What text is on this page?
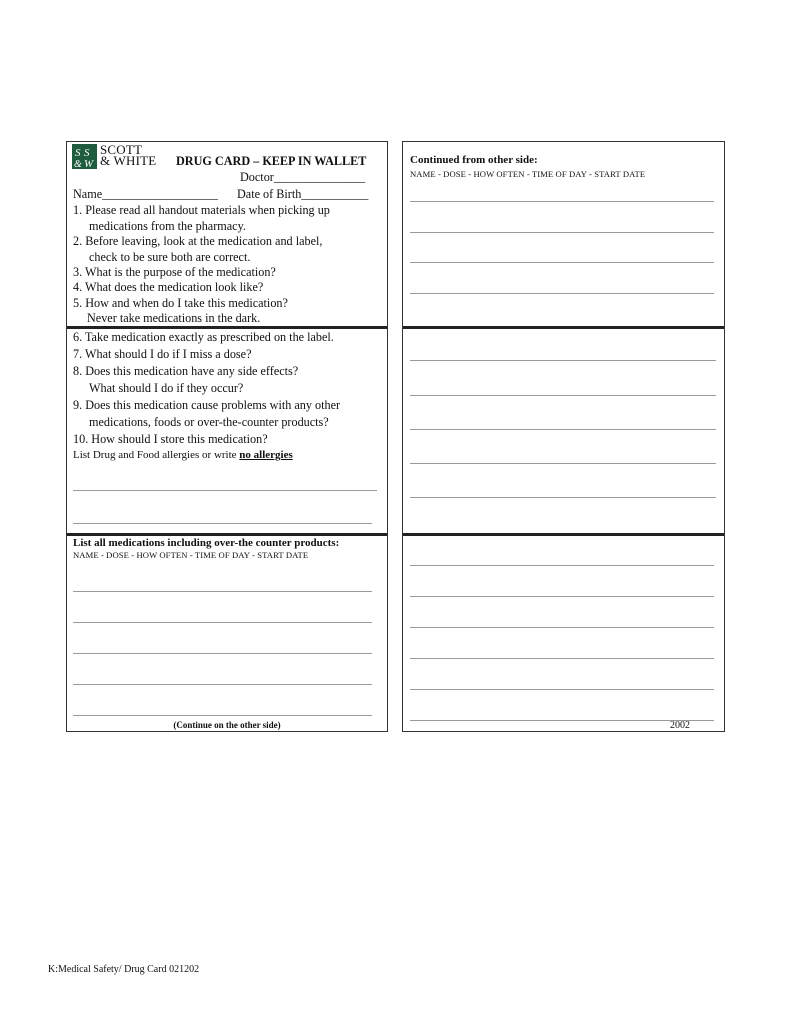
S S
& W
SCOTT
& WHITE DRUG CARD – KEEP IN WALLET
Doctor_______________
Name___________________ Date of Birth___________
1. Please read all handout materials when picking up
medications from the pharmacy.
2. Before leaving, look at the medication and label,
check to be sure both are correct.
3. What is the purpose of the medication?
4. What does the medication look like?
5. How and when do I take this medication?
Never take medications in the dark.
6. Take medication exactly as prescribed on the label.
7. What should I do if I miss a dose?
8. Does this medication have any side effects?
What should I do if they occur?
9. Does this medication cause problems with any other
medications, foods or over-the-counter products?
10. How should I store this medication?
List Drug and Food allergies or write no allergies
List all medications including over-the counter products:
NAME - DOSE - HOW OFTEN - TIME OF DAY - START DATE
(Continue on the other side)
Continued from other side:
NAME - DOSE - HOW OFTEN - TIME OF DAY - START DATE
2002
K:Medical Safety/ Drug Card 021202
